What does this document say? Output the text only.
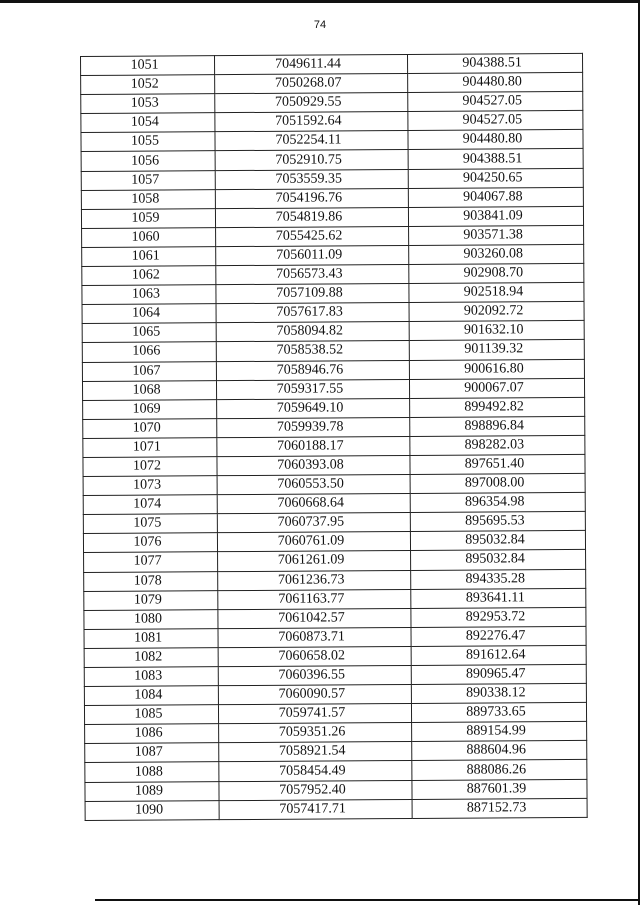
74
1051	7049611.44	904388.51
1052	7050268.07	904480.80
1053	7050929.55	904527.05
1054	7051592.64	904527.05
1055	7052254.11	904480.80
1056	7052910.75	904388.51
1057	7053559.35	904250.65
1058	7054196.76	904067.88
1059	7054819.86	903841.09
1060	7055425.62	903571.38
1061	7056011.09	903260.08
1062	7056573.43	902908.70
1063	7057109.88	902518.94
1064	7057617.83	902092.72
1065	7058094.82	901632.10
1066	7058538.52	901139.32
1067	7058946.76	900616.80
1068	7059317.55	900067.07
1069	7059649.10	899492.82
1070	7059939.78	898896.84
1071	7060188.17	898282.03
1072	7060393.08	897651.40
1073	7060553.50	897008.00
1074	7060668.64	896354.98
1075	7060737.95	895695.53
1076	7060761.09	895032.84
1077	7061261.09	895032.84
1078	7061236.73	894335.28
1079	7061163.77	893641.11
1080	7061042.57	892953.72
1081	7060873.71	892276.47
1082	7060658.02	891612.64
1083	7060396.55	890965.47
1084	7060090.57	890338.12
1085	7059741.57	889733.65
1086	7059351.26	889154.99
1087	7058921.54	888604.96
1088	7058454.49	888086.26
1089	7057952.40	887601.39
1090	7057417.71	887152.73
